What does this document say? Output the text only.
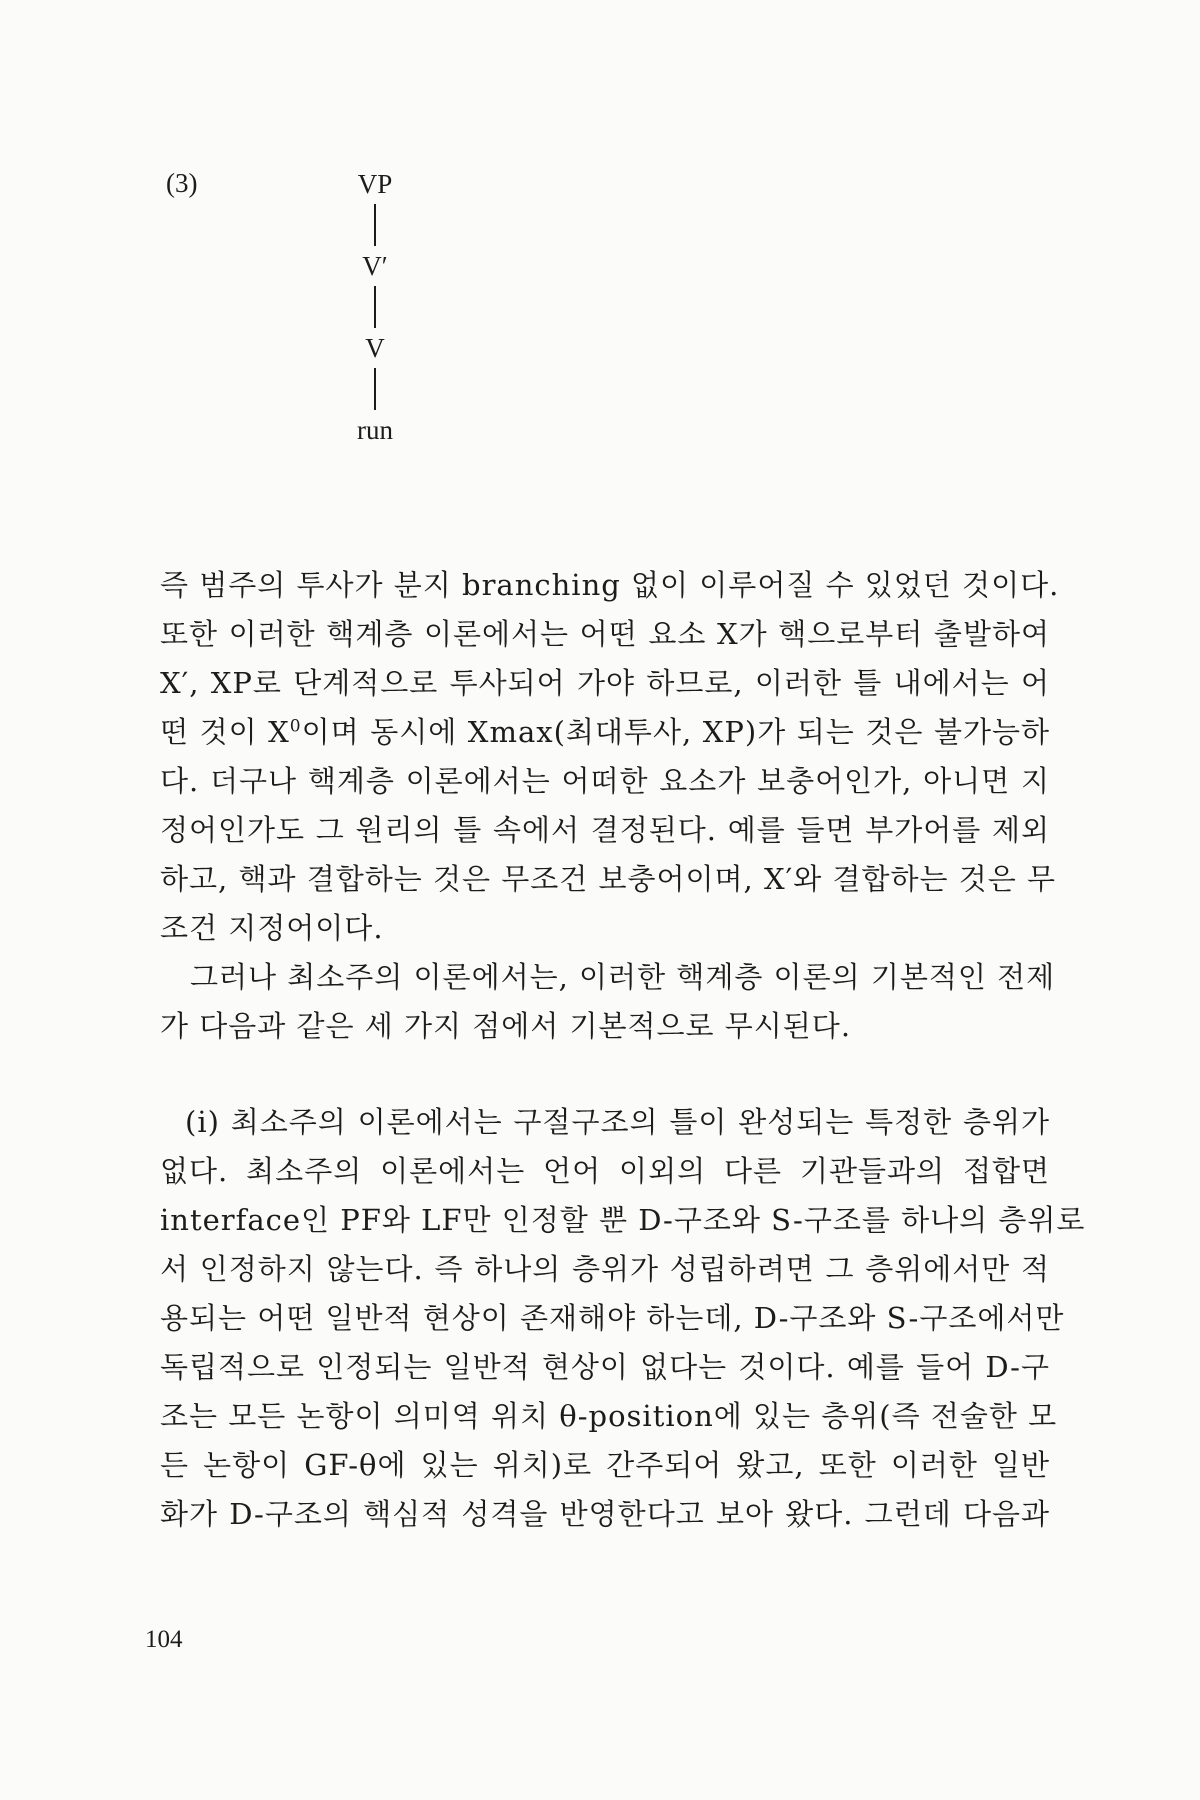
(3)	VP
V′
V
run
즉 범주의 투사가 분지 branching 없이 이루어질 수 있었던 것이다.
또한 이러한 핵계층 이론에서는 어떤 요소 X가 핵으로부터 출발하여
X′, XP로 단계적으로 투사되어 가야 하므로, 이러한 틀 내에서는 어
떤 것이 $X^0$이며 동시에 Xmax(최대투사, XP)가 되는 것은 불가능하
다. 더구나 핵계층 이론에서는 어떠한 요소가 보충어인가, 아니면 지
정어인가도 그 원리의 틀 속에서 결정된다. 예를 들면 부가어를 제외
하고, 핵과 결합하는 것은 무조건 보충어이며, X′와 결합하는 것은 무
조건 지정어이다.
그러나 최소주의 이론에서는, 이러한 핵계층 이론의 기본적인 전제
가 다음과 같은 세 가지 점에서 기본적으로 무시된다.
(i) 최소주의 이론에서는 구절구조의 틀이 완성되는 특정한 층위가
없다. 최소주의 이론에서는 언어 이외의 다른 기관들과의 접합면
interface인 PF와 LF만 인정할 뿐 D-구조와 S-구조를 하나의 층위로
서 인정하지 않는다. 즉 하나의 층위가 성립하려면 그 층위에서만 적
용되는 어떤 일반적 현상이 존재해야 하는데, D-구조와 S-구조에서만
독립적으로 인정되는 일반적 현상이 없다는 것이다. 예를 들어 D-구
조는 모든 논항이 의미역 위치 θ-position에 있는 층위(즉 전술한 모
든 논항이 GF-θ에 있는 위치)로 간주되어 왔고, 또한 이러한 일반
화가 D-구조의 핵심적 성격을 반영한다고 보아 왔다. 그런데 다음과
104
